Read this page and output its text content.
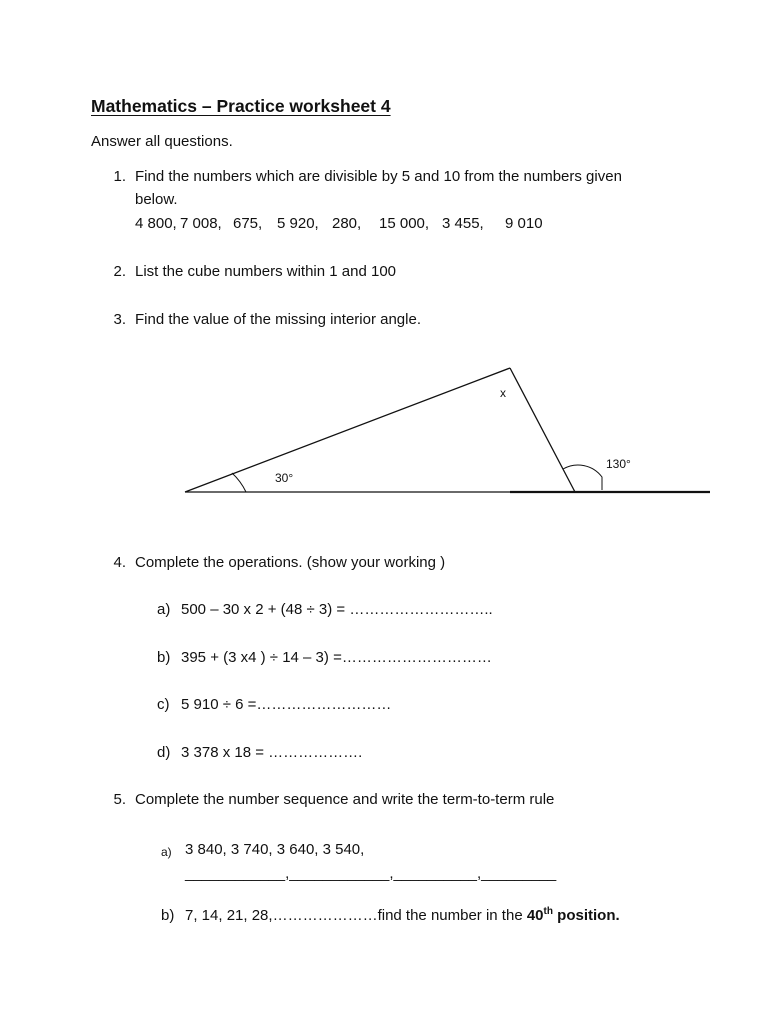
Mathematics – Practice worksheet 4
Answer all questions.
1. Find the numbers which are divisible by 5 and 10 from the numbers given
below.
4 800, 7 008, 675, 5 920, 280, 15 000, 3 455, 9 010
2. List the cube numbers within 1 and 100
3. Find the value of the missing interior angle.
30°
x
130°
4. Complete the operations. (show your working )
a) 500 – 30 x 2 + (48 ÷ 3) = ………………………..
b) 395 + (3 x4 ) ÷ 14 – 3) =…………………………
c) 5 910 ÷ 6 =………………………
d) 3 378 x 18 = ……………….
5. Complete the number sequence and write the term-to-term rule
a) 3 840, 3 740, 3 640, 3 540,
____________,____________,__________,_________
b) 7, 14, 21, 28,…………………find the number in the 40th position.
